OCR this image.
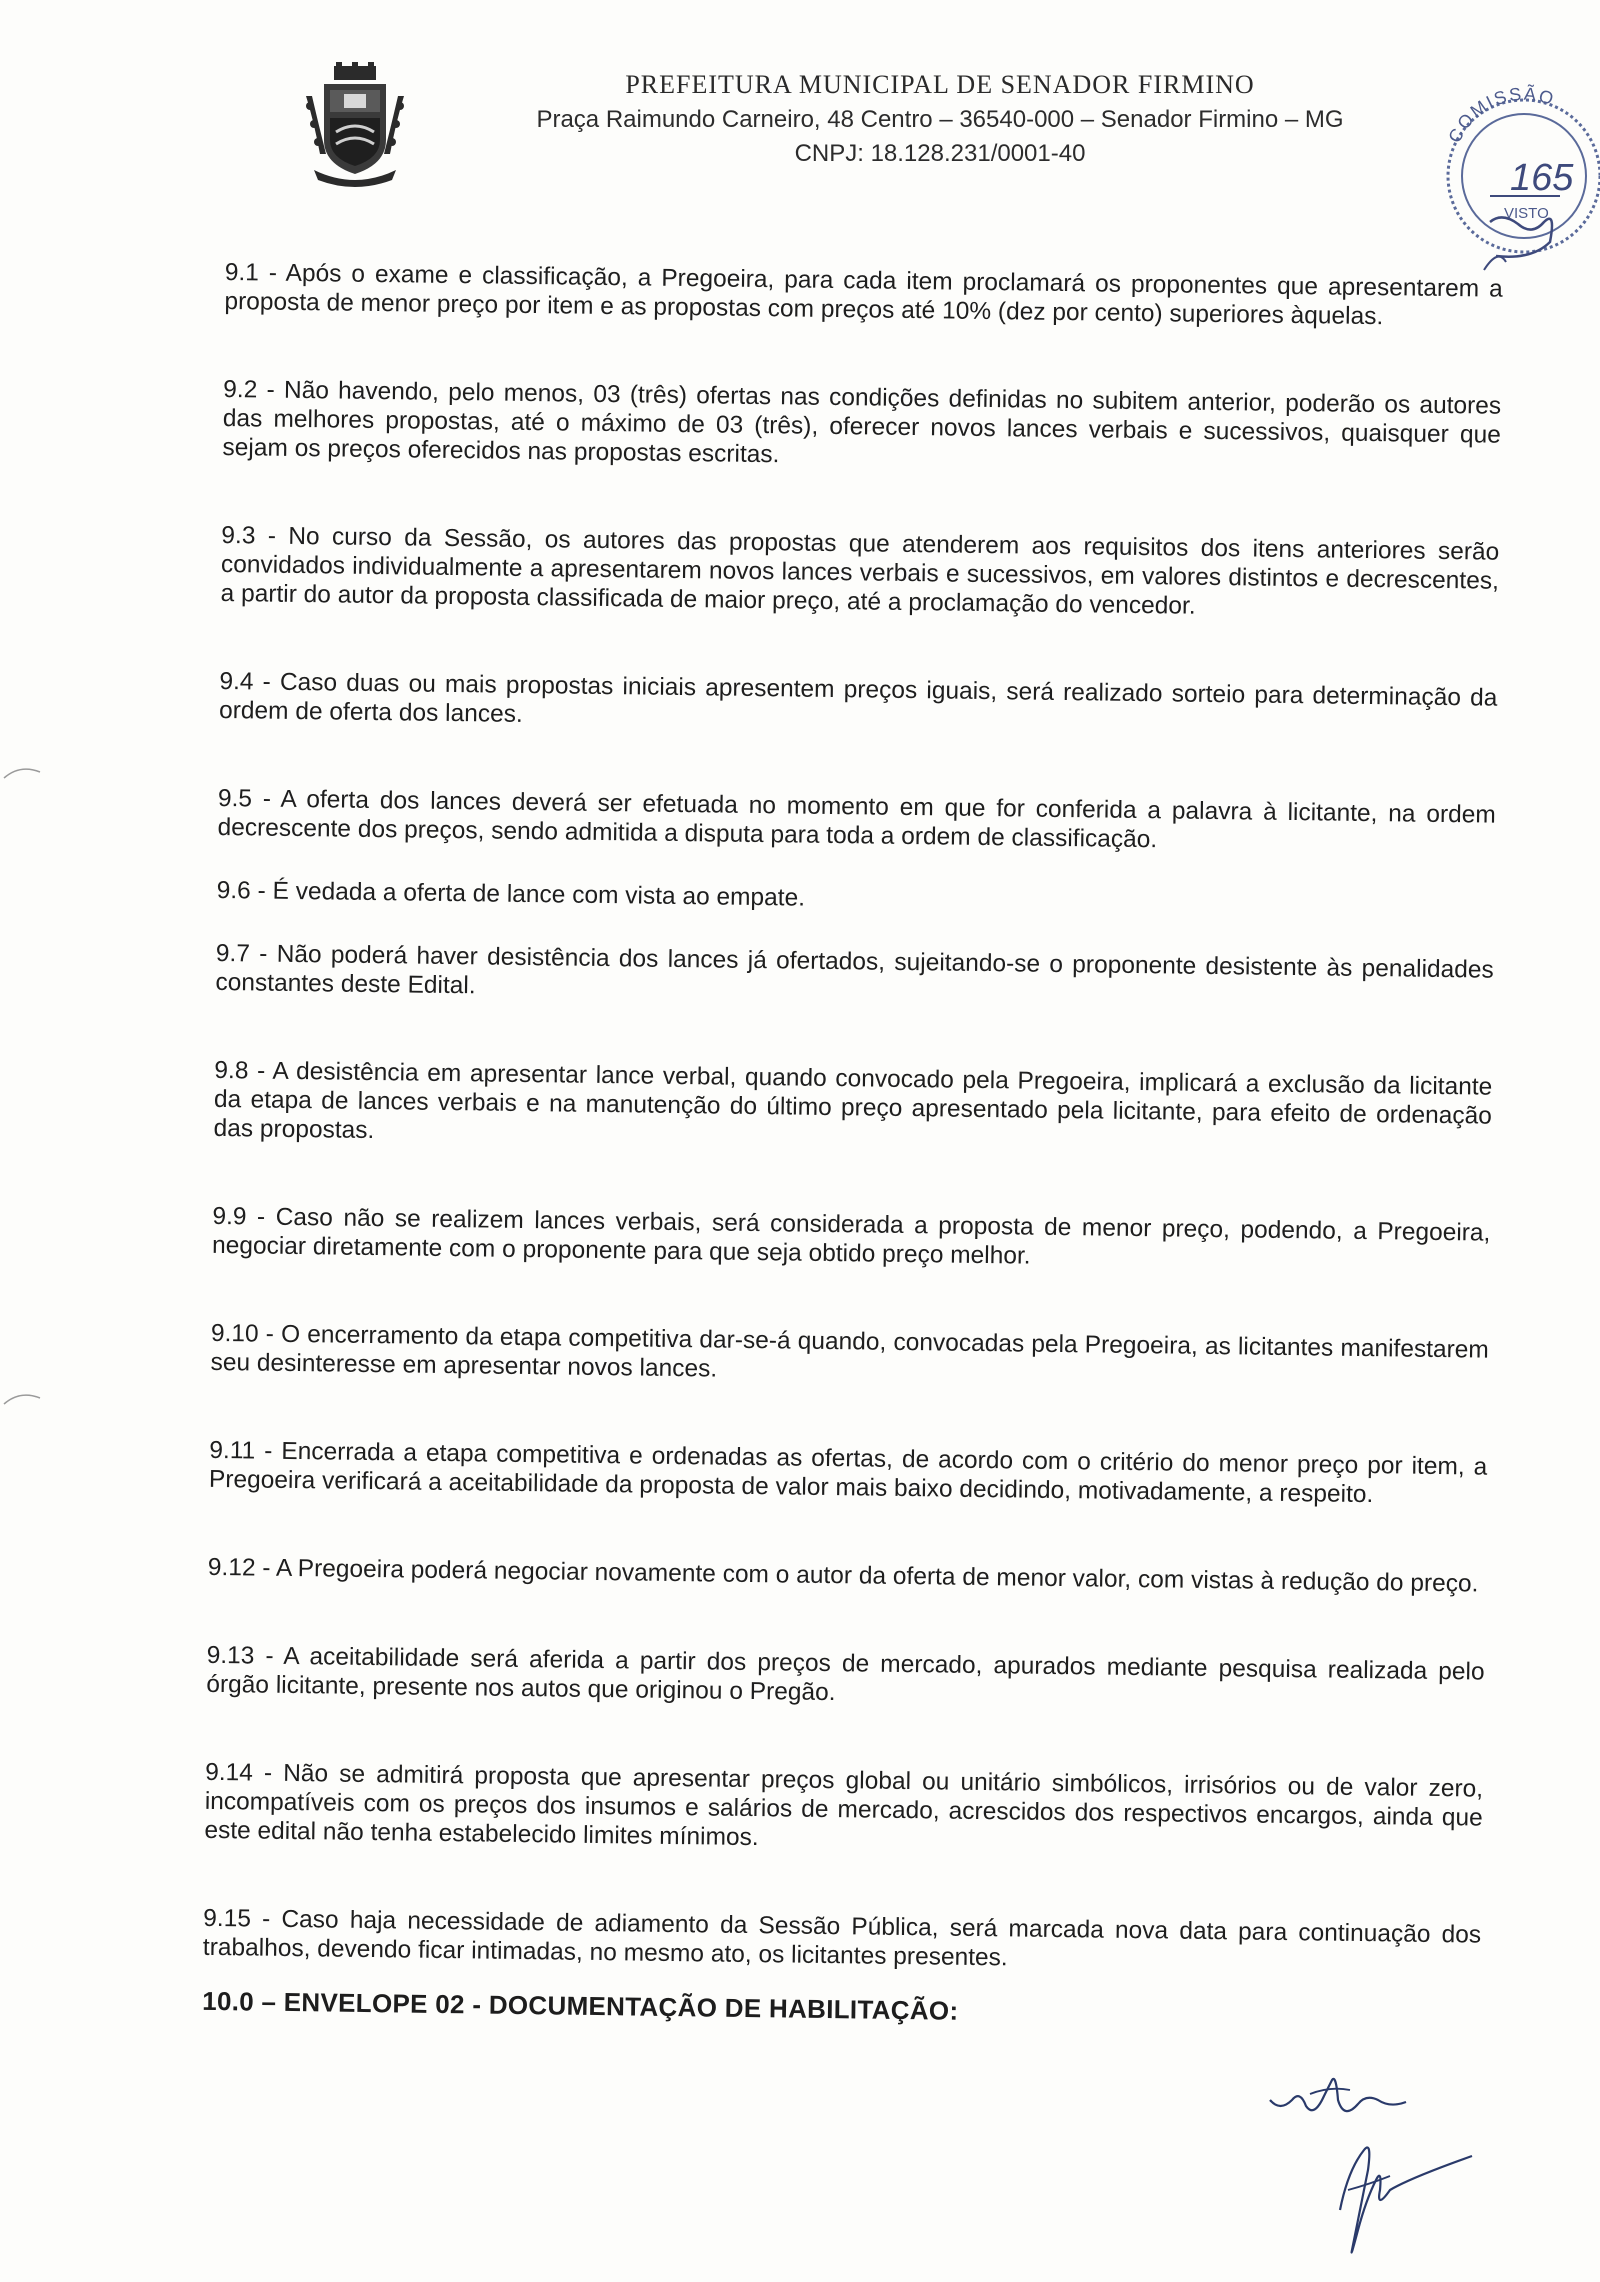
PREFEITURA MUNICIPAL DE SENADOR FIRMINO
Praça Raimundo Carneiro, 48 Centro – 36540-000 – Senador Firmino – MG
CNPJ: 18.128.231/0001-40
COMISSÃO
165
VISTO

9.1 - Após o exame e classificação, a Pregoeira, para cada item proclamará os proponentes que apresentarem a proposta de menor preço por item e as propostas com preços até 10% (dez por cento) superiores àquelas.

9.2 - Não havendo, pelo menos, 03 (três) ofertas nas condições definidas no subitem anterior, poderão os autores das melhores propostas, até o máximo de 03 (três), oferecer novos lances verbais e sucessivos, quaisquer que sejam os preços oferecidos nas propostas escritas.

9.3 - No curso da Sessão, os autores das propostas que atenderem aos requisitos dos itens anteriores serão convidados individualmente a apresentarem novos lances verbais e sucessivos, em valores distintos e decrescentes, a partir do autor da proposta classificada de maior preço, até a proclamação do vencedor.

9.4 - Caso duas ou mais propostas iniciais apresentem preços iguais, será realizado sorteio para determinação da ordem de oferta dos lances.

9.5 - A oferta dos lances deverá ser efetuada no momento em que for conferida a palavra à licitante, na ordem decrescente dos preços, sendo admitida a disputa para toda a ordem de classificação.

9.6 - É vedada a oferta de lance com vista ao empate.

9.7 - Não poderá haver desistência dos lances já ofertados, sujeitando-se o proponente desistente às penalidades constantes deste Edital.

9.8 - A desistência em apresentar lance verbal, quando convocado pela Pregoeira, implicará a exclusão da licitante da etapa de lances verbais e na manutenção do último preço apresentado pela licitante, para efeito de ordenação das propostas.

9.9 - Caso não se realizem lances verbais, será considerada a proposta de menor preço, podendo, a Pregoeira, negociar diretamente com o proponente para que seja obtido preço melhor.

9.10 - O encerramento da etapa competitiva dar-se-á quando, convocadas pela Pregoeira, as licitantes manifestarem seu desinteresse em apresentar novos lances.

9.11 - Encerrada a etapa competitiva e ordenadas as ofertas, de acordo com o critério do menor preço por item, a Pregoeira verificará a aceitabilidade da proposta de valor mais baixo decidindo, motivadamente, a respeito.

9.12 - A Pregoeira poderá negociar novamente com o autor da oferta de menor valor, com vistas à redução do preço.

9.13 - A aceitabilidade será aferida a partir dos preços de mercado, apurados mediante pesquisa realizada pelo órgão licitante, presente nos autos que originou o Pregão.

9.14 - Não se admitirá proposta que apresentar preços global ou unitário simbólicos, irrisórios ou de valor zero, incompatíveis com os preços dos insumos e salários de mercado, acrescidos dos respectivos encargos, ainda que este edital não tenha estabelecido limites mínimos.

9.15 - Caso haja necessidade de adiamento da Sessão Pública, será marcada nova data para continuação dos trabalhos, devendo ficar intimadas, no mesmo ato, os licitantes presentes.

10.0 – ENVELOPE 02 - DOCUMENTAÇÃO DE HABILITAÇÃO:
